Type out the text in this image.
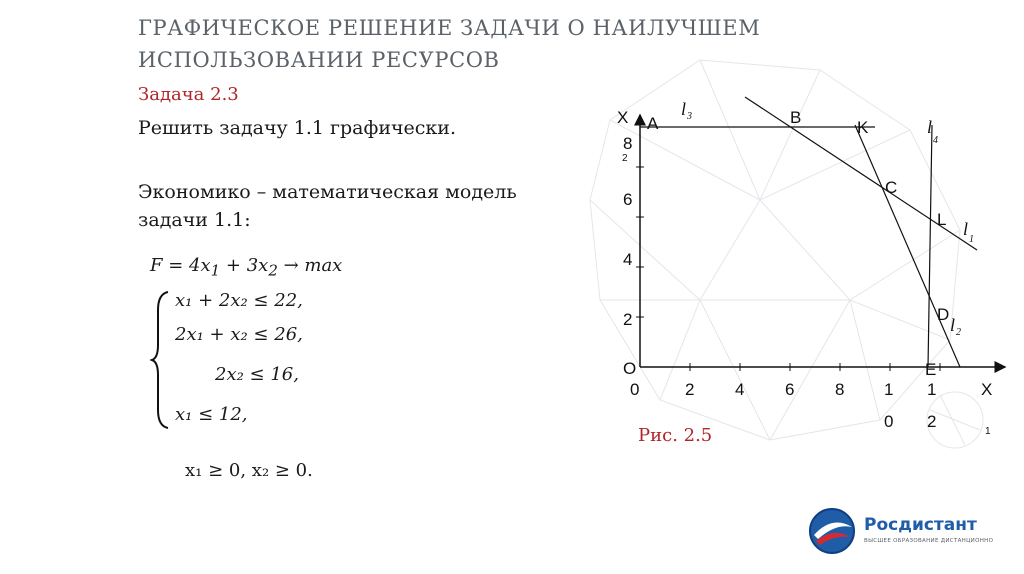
ГРАФИЧЕСКОЕ РЕШЕНИЕ ЗАДАЧИ О НАИЛУЧШЕМ ИСПОЛЬЗОВАНИИ РЕСУРСОВ
Задача 2.3
Решить задачу 1.1 графически.
Экономико – математическая модель задачи 1.1:
$F = 4x_1 + 3x_2 \to \max$
x₁ + 2x₂ ≤ 22,
2x₁ + x₂ ≤ 26,
2x₂ ≤ 16,
x₁ ≤ 12,
x₁ ≥ 0, x₂ ≥ 0.
X
2
X
1
O
8
6
4
2
0	2 4 6 8 1
0
1
2
A	B
K
C
L
D
E
l 3
l
1
l 2
l
4
Рис. 2.5
Росдистант
ВЫСШЕЕ ОБРАЗОВАНИЕ ДИСТАНЦИОННО
